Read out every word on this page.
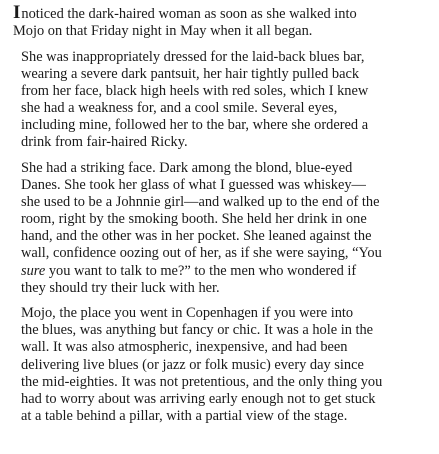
Inoticed the dark-haired woman as soon as she walked into
Mojo on that Friday night in May when it all began.

She was inappropriately dressed for the laid-back blues bar,
wearing a severe dark pantsuit, her hair tightly pulled back
from her face, black high heels with red soles, which I knew
she had a weakness for, and a cool smile. Several eyes,
including mine, followed her to the bar, where she ordered a
drink from fair-haired Ricky.

She had a striking face. Dark among the blond, blue-eyed
Danes. She took her glass of what I guessed was whiskey—
she used to be a Johnnie girl—and walked up to the end of the
room, right by the smoking booth. She held her drink in one
hand, and the other was in her pocket. She leaned against the
wall, confidence oozing out of her, as if she were saying, “You
sure you want to talk to me?” to the men who wondered if
they should try their luck with her.

Mojo, the place you went in Copenhagen if you were into
the blues, was anything but fancy or chic. It was a hole in the
wall. It was also atmospheric, inexpensive, and had been
delivering live blues (or jazz or folk music) every day since
the mid-eighties. It was not pretentious, and the only thing you
had to worry about was arriving early enough not to get stuck
at a table behind a pillar, with a partial view of the stage.
